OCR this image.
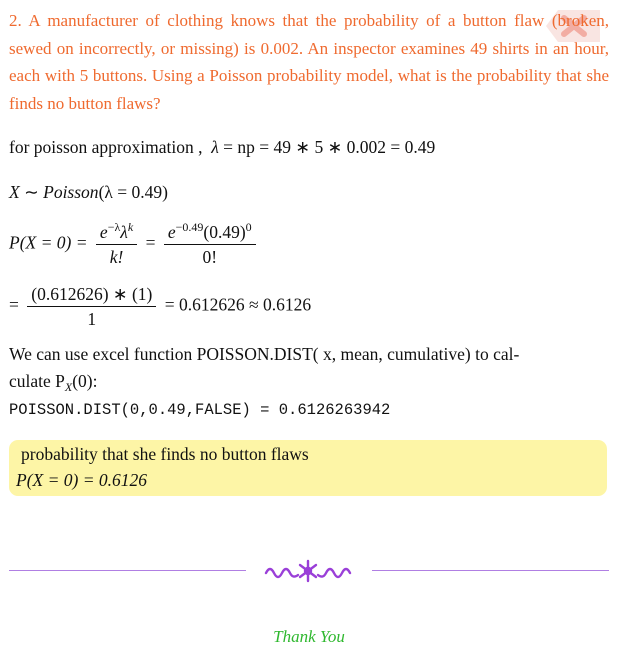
2. A manufacturer of clothing knows that the probability of a button flaw (broken, sewed on incorrectly, or missing) is 0.002. An inspector examines 49 shirts in an hour, each with 5 buttons. Using a Poisson probability model, what is the probability that she finds no button flaws?
for poisson approximation ,  λ = np = 49 ∗ 5 ∗ 0.002 = 0.49
X ∼ Poisson(λ = 0.49)
$P(X = 0) = \frac{e^{-\lambda}\lambda^k}{k!} = \frac{e^{-0.49}(0.49)^0}{0!}$
= $\frac{(0.612626) ∗ (1)}{1} = 0.612626 \approx 0.6126$
We can use excel function POISSON.DIST( x, mean, cumulative) to cal-
culate $P_X(0)$:
POISSON.DIST(0,0.49,FALSE) = 0.6126263942
probability that she finds no button flaws
P(X = 0) = 0.6126
Thank You
